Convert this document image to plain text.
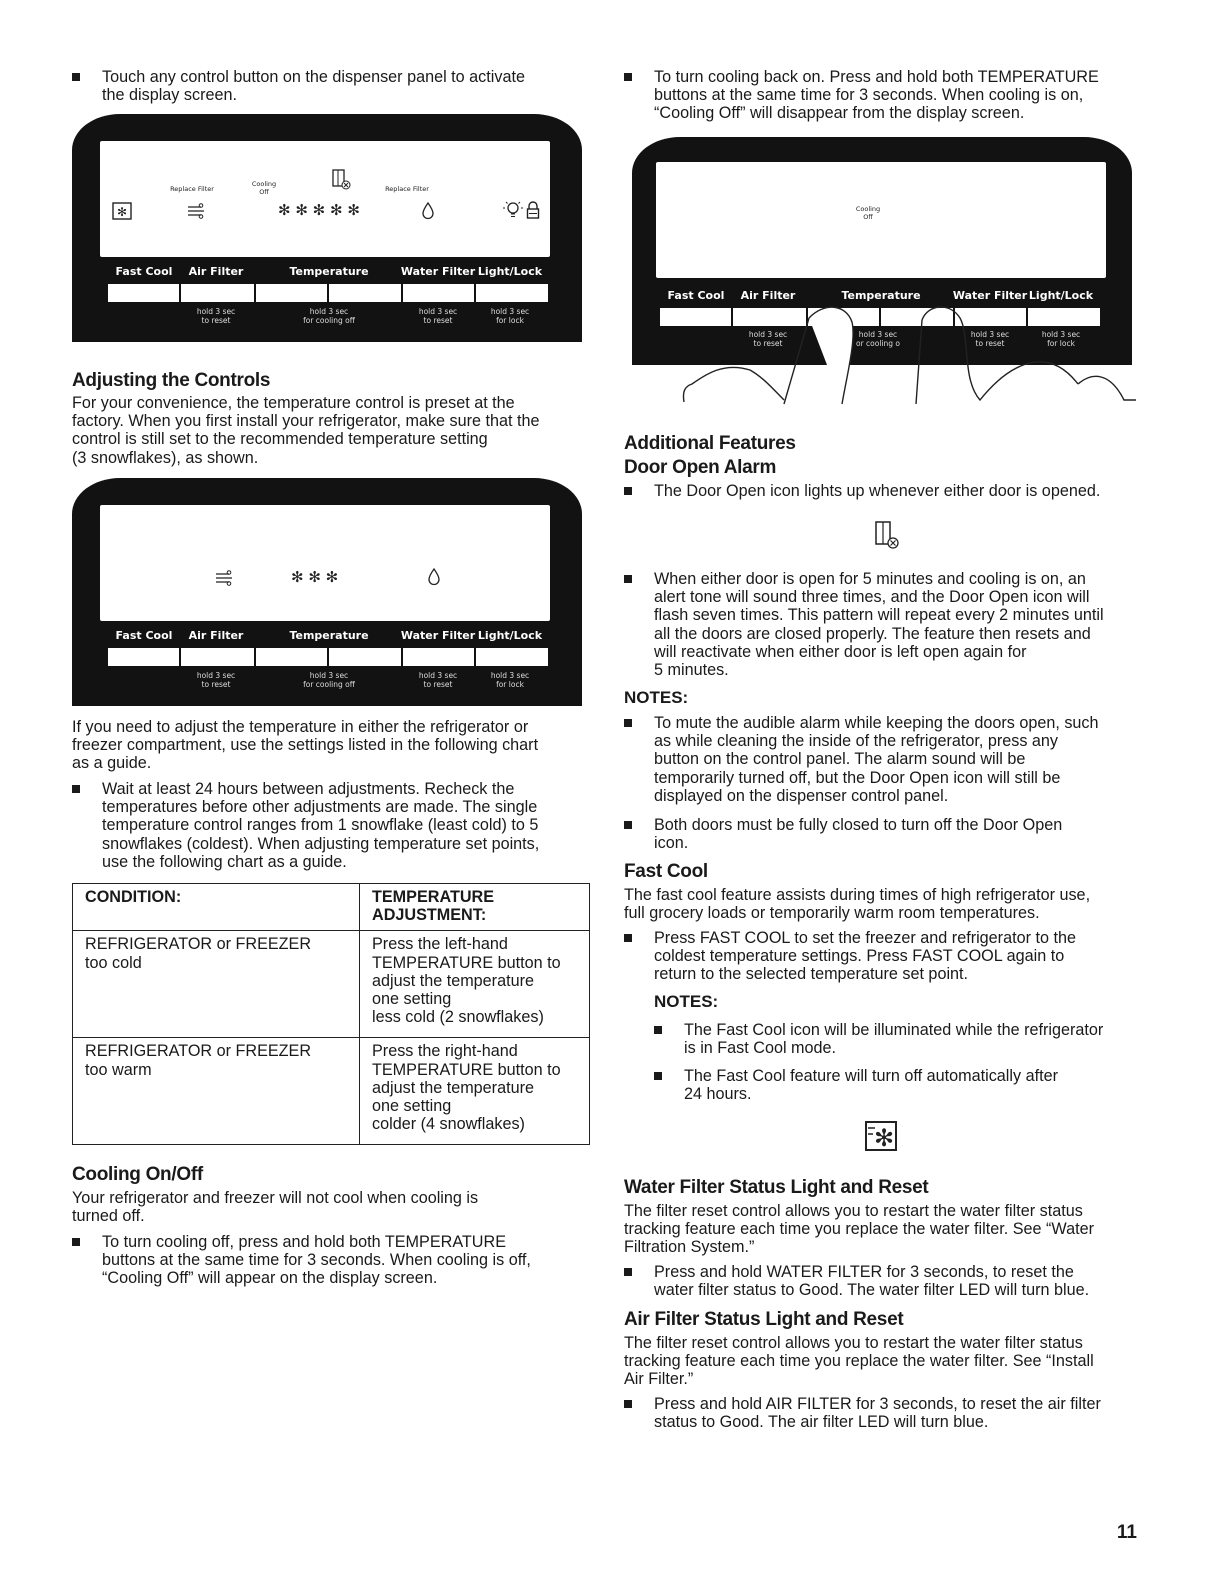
Touch any control button on the dispenser panel to activate
the display screen.
Replace Filter
Cooling
Off	Replace Filter
✻	✻ ✻ ✻ ✻ ✻
Fast Cool Air Filter	Temperature	Water Filter Light/Lock
hold 3 sec
to reset
hold 3 sec
for cooling off
hold 3 sec
to reset
hold 3 sec
for lock
Adjusting the Controls
For your convenience, the temperature control is preset at the
factory. When you first install your refrigerator, make sure that the
control is still set to the recommended temperature setting
(3 snowflakes), as shown.
✻ ✻ ✻
Fast Cool Air Filter	Temperature	Water Filter Light/Lock
hold 3 sec
to reset
hold 3 sec
for cooling off
hold 3 sec
to reset
hold 3 sec
for lock
If you need to adjust the temperature in either the refrigerator or
freezer compartment, use the settings listed in the following chart
as a guide.
Wait at least 24 hours between adjustments. Recheck the
temperatures before other adjustments are made. The single
temperature control ranges from 1 snowflake (least cold) to 5
snowflakes (coldest). When adjusting temperature set points,
use the following chart as a guide.
CONDITION:	TEMPERATURE
ADJUSTMENT:

REFRIGERATOR or FREEZER
too cold	Press the left-hand
TEMPERATURE button to
adjust the temperature
one setting
less cold (2 snowflakes)

REFRIGERATOR or FREEZER
too warm	Press the right-hand
TEMPERATURE button to
adjust the temperature
one setting
colder (4 snowflakes)
Cooling On/Off
Your refrigerator and freezer will not cool when cooling is
turned off.
To turn cooling off, press and hold both TEMPERATURE
buttons at the same time for 3 seconds. When cooling is off,
“Cooling Off” will appear on the display screen.
To turn cooling back on. Press and hold both TEMPERATURE
buttons at the same time for 3 seconds. When cooling is on,
“Cooling Off” will disappear from the display screen.
Cooling
Off
Fast Cool Air Filter	Temperature	Water Filter Light/Lock
hold 3 sec
to reset
hold 3 sec
or cooling o
hold 3 sec
to reset
hold 3 sec
for lock
Additional Features
Door Open Alarm
The Door Open icon lights up whenever either door is opened.
When either door is open for 5 minutes and cooling is on, an
alert tone will sound three times, and the Door Open icon will
flash seven times. This pattern will repeat every 2 minutes until
all the doors are closed properly. The feature then resets and
will reactivate when either door is left open again for
5 minutes.
NOTES:
To mute the audible alarm while keeping the doors open, such
as while cleaning the inside of the refrigerator, press any
button on the control panel. The alarm sound will be
temporarily turned off, but the Door Open icon will still be
displayed on the dispenser control panel.
Both doors must be fully closed to turn off the Door Open
icon.
Fast Cool
The fast cool feature assists during times of high refrigerator use,
full grocery loads or temporarily warm room temperatures.
Press FAST COOL to set the freezer and refrigerator to the
coldest temperature settings. Press FAST COOL again to
return to the selected temperature set point.
NOTES:
The Fast Cool icon will be illuminated while the refrigerator
is in Fast Cool mode.
The Fast Cool feature will turn off automatically after
24 hours.
✻
Water Filter Status Light and Reset
The filter reset control allows you to restart the water filter status
tracking feature each time you replace the water filter. See “Water
Filtration System.”
Press and hold WATER FILTER for 3 seconds, to reset the
water filter status to Good. The water filter LED will turn blue.
Air Filter Status Light and Reset
The filter reset control allows you to restart the water filter status
tracking feature each time you replace the water filter. See “Install
Air Filter.”
Press and hold AIR FILTER for 3 seconds, to reset the air filter
status to Good. The air filter LED will turn blue.
11
